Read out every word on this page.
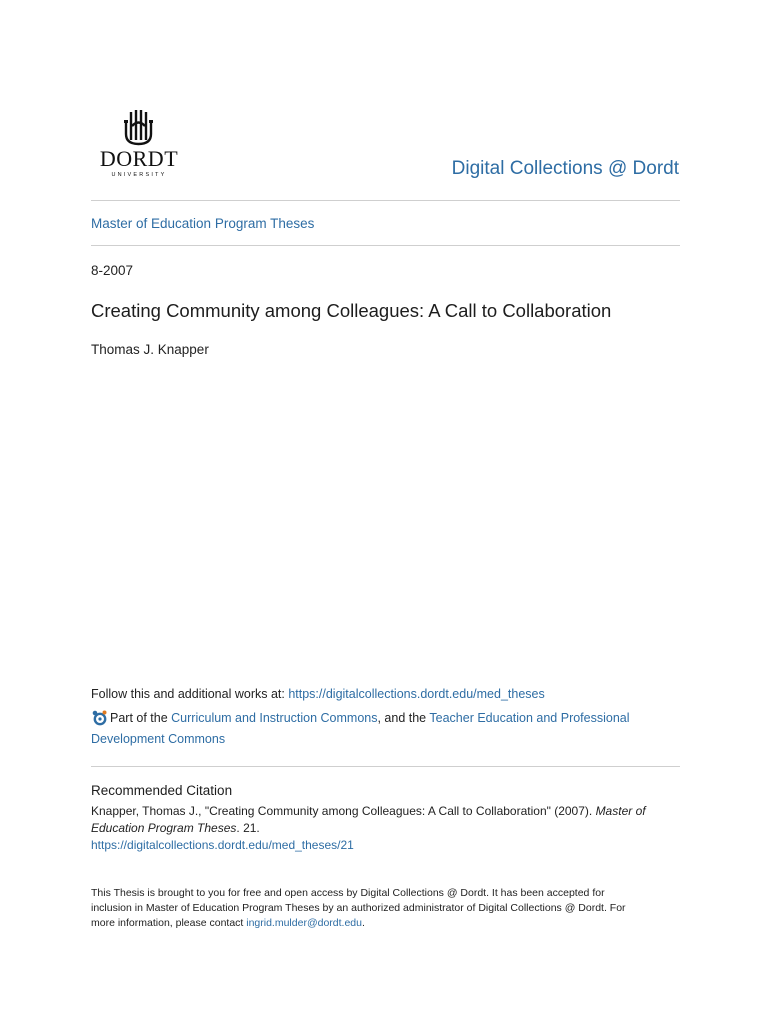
DORDT
UNIVERSITY	Digital Collections @ Dordt
Master of Education Program Theses
8-2007
Creating Community among Colleagues: A Call to Collaboration
Thomas J. Knapper
Follow this and additional works at: https://digitalcollections.dordt.edu/med_theses
Part of the Curriculum and Instruction Commons, and the Teacher Education and Professional
Development Commons
Recommended Citation
Knapper, Thomas J., "Creating Community among Colleagues: A Call to Collaboration" (2007). Master of
Education Program Theses. 21.
https://digitalcollections.dordt.edu/med_theses/21
This Thesis is brought to you for free and open access by Digital Collections @ Dordt. It has been accepted for
inclusion in Master of Education Program Theses by an authorized administrator of Digital Collections @ Dordt. For
more information, please contact ingrid.mulder@dordt.edu.
